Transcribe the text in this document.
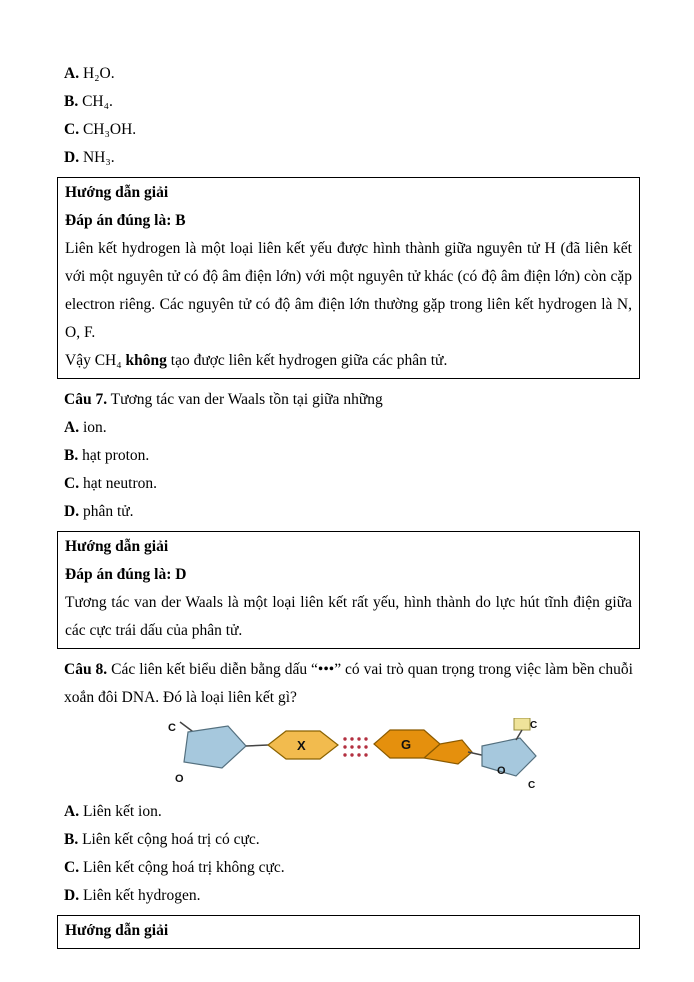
A. H₂O.
B. CH₄.
C. CH₃OH.
D. NH₃.
Hướng dẫn giải
Đáp án đúng là: B
Liên kết hydrogen là một loại liên kết yếu được hình thành giữa nguyên tử H (đã liên kết với một nguyên tử có độ âm điện lớn) với một nguyên tử khác (có độ âm điện lớn) còn cặp electron riêng. Các nguyên tử có độ âm điện lớn thường gặp trong liên kết hydrogen là N, O, F.
Vậy CH₄ không tạo được liên kết hydrogen giữa các phân tử.
Câu 7. Tương tác van der Waals tồn tại giữa những
A. ion.
B. hạt proton.
C. hạt neutron.
D. phân tử.
Hướng dẫn giải
Đáp án đúng là: D
Tương tác van der Waals là một loại liên kết rất yếu, hình thành do lực hút tĩnh điện giữa các cực trái dấu của phân tử.
Câu 8. Các liên kết biểu diễn bằng dấu “•••” có vai trò quan trọng trong việc làm bền chuỗi xoắn đôi DNA. Đó là loại liên kết gì?
C
O
X	G
O
C
C
A. Liên kết ion.
B. Liên kết cộng hoá trị có cực.
C. Liên kết cộng hoá trị không cực.
D. Liên kết hydrogen.
Hướng dẫn giải
